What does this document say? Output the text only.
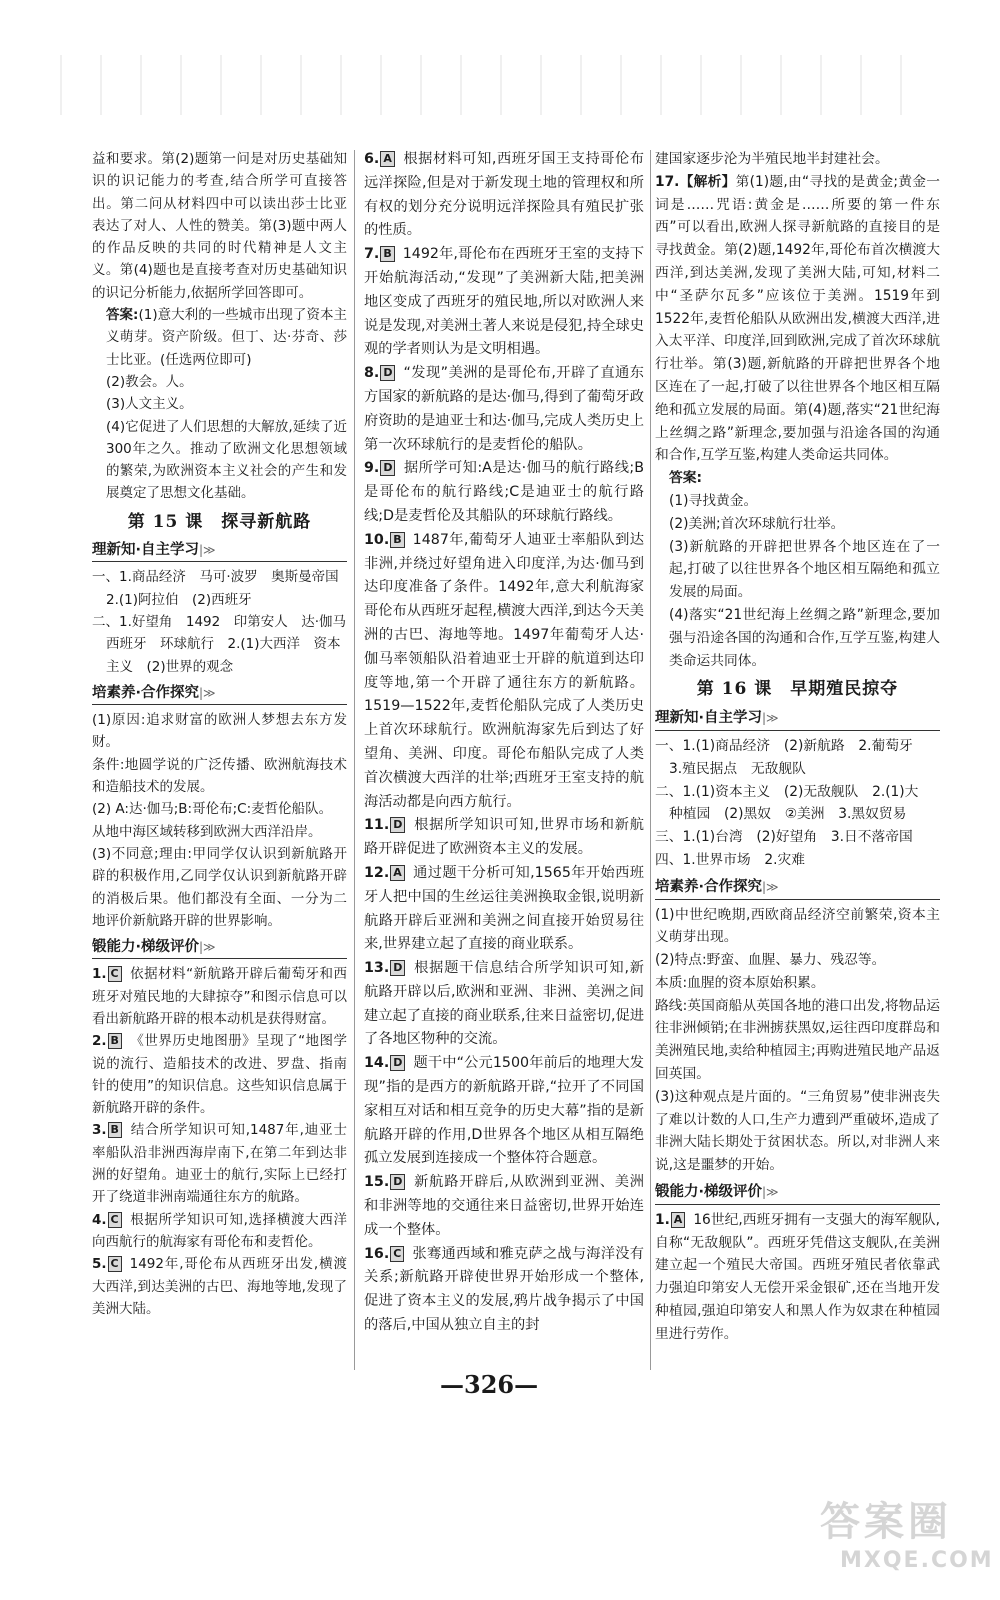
益和要求。第(2)题第一问是对历史基础知识的识记能力的考查,结合所学可直接答出。第二问从材料四中可以读出莎士比亚表达了对人、人性的赞美。第(3)题中两人的作品反映的共同的时代精神是人文主义。第(4)题也是直接考查对历史基础知识的识记分析能力,依据所学回答即可。

答案:(1)意大利的一些城市出现了资本主义萌芽。资产阶级。但丁、达·芬奇、莎士比亚。(任选两位即可)

(2)教会。人。

(3)人文主义。

(4)它促进了人们思想的大解放,延续了近300年之久。推动了欧洲文化思想领域的繁荣,为欧洲资本主义社会的产生和发展奠定了思想文化基础。

第 15 课　探寻新航路
理新知·自主学习|≫

一、1.商品经济　马可·波罗　奥斯曼帝国

2.(1)阿拉伯　(2)西班牙

二、1.好望角　1492　印第安人　达·伽马

西班牙　环球航行　2.(1)大西洋　资本

主义　(2)世界的观念

培素养·合作探究|≫

(1)原因:追求财富的欧洲人梦想去东方发财。

条件:地圆学说的广泛传播、欧洲航海技术和造船技术的发展。

(2) A:达·伽马;B:哥伦布;C:麦哲伦船队。

从地中海区域转移到欧洲大西洋沿岸。

(3)不同意;理由:甲同学仅认识到新航路开辟的积极作用,乙同学仅认识到新航路开辟的消极后果。他们都没有全面、一分为二地评价新航路开辟的世界影响。

锻能力·梯级评价|≫
1. C 依据材料“新航路开辟后葡萄牙和西班牙对殖民地的大肆掠夺”和图示信息可以看出新航路开辟的根本动机是获得财富。
2. B 《世界历史地图册》呈现了“地图学说的流行、造船技术的改进、罗盘、指南针的使用”的知识信息。这些知识信息属于新航路开辟的条件。
3. B 结合所学知识可知,1487年,迪亚士率船队沿非洲西海岸南下,在第二年到达非洲的好望角。迪亚士的航行,实际上已经打开了绕道非洲南端通往东方的航路。
4. C 根据所学知识可知,选择横渡大西洋向西航行的航海家有哥伦布和麦哲伦。
5. C 1492年,哥伦布从西班牙出发,横渡大西洋,到达美洲的古巴、海地等地,发现了美洲大陆。
6. A 根据材料可知,西班牙国王支持哥伦布远洋探险,但是对于新发现土地的管理权和所有权的划分充分说明远洋探险具有殖民扩张的性质。
7. B 1492年,哥伦布在西班牙王室的支持下开始航海活动,“发现”了美洲新大陆,把美洲地区变成了西班牙的殖民地,所以对欧洲人来说是发现,对美洲土著人来说是侵犯,持全球史观的学者则认为是文明相遇。
8. D “发现”美洲的是哥伦布,开辟了直通东方国家的新航路的是达·伽马,得到了葡萄牙政府资助的是迪亚士和达·伽马,完成人类历史上第一次环球航行的是麦哲伦的船队。
9. D 据所学可知:A是达·伽马的航行路线;B是哥伦布的航行路线;C是迪亚士的航行路线;D是麦哲伦及其船队的环球航行路线。
10. B 1487年,葡萄牙人迪亚士率船队到达非洲,并绕过好望角进入印度洋,为达·伽马到达印度准备了条件。1492年,意大利航海家哥伦布从西班牙起程,横渡大西洋,到达今天美洲的古巴、海地等地。1497年葡萄牙人达·伽马率领船队沿着迪亚士开辟的航道到达印度等地,第一个开辟了通往东方的新航路。1519—1522年,麦哲伦船队完成了人类历史上首次环球航行。欧洲航海家先后到达了好望角、美洲、印度。哥伦布船队完成了人类首次横渡大西洋的壮举;西班牙王室支持的航海活动都是向西方航行。
11. D 根据所学知识可知,世界市场和新航路开辟促进了欧洲资本主义的发展。
12. A 通过题干分析可知,1565年开始西班牙人把中国的生丝运往美洲换取金银,说明新航路开辟后亚洲和美洲之间直接开始贸易往来,世界建立起了直接的商业联系。
13. D 根据题干信息结合所学知识可知,新航路开辟以后,欧洲和亚洲、非洲、美洲之间建立起了直接的商业联系,往来日益密切,促进了各地区物种的交流。
14. D 题干中“公元1500年前后的地理大发现”指的是西方的新航路开辟,“拉开了不同国家相互对话和相互竞争的历史大幕”指的是新航路开辟的作用,D世界各个地区从相互隔绝孤立发展到连接成一个整体符合题意。
15. D 新航路开辟后,从欧洲到亚洲、美洲和非洲等地的交通往来日益密切,世界开始连成一个整体。
16. C 张骞通西域和雅克萨之战与海洋没有关系;新航路开辟使世界开始形成一个整体,促进了资本主义的发展,鸦片战争揭示了中国的落后,中国从独立自主的封

建国家逐步沦为半殖民地半封建社会。

17.【解析】第(1)题,由“寻找的是黄金;黄金一词是……咒语:黄金是……所要的第一件东西”可以看出,欧洲人探寻新航路的直接目的是寻找黄金。第(2)题,1492年,哥伦布首次横渡大西洋,到达美洲,发现了美洲大陆,可知,材料二中“圣萨尔瓦多”应该位于美洲。1519年到1522年,麦哲伦船队从欧洲出发,横渡大西洋,进入太平洋、印度洋,回到欧洲,完成了首次环球航行壮举。第(3)题,新航路的开辟把世界各个地区连在了一起,打破了以往世界各个地区相互隔绝和孤立发展的局面。第(4)题,落实“21世纪海上丝绸之路”新理念,要加强与沿途各国的沟通和合作,互学互鉴,构建人类命运共同体。

答案:

(1)寻找黄金。

(2)美洲;首次环球航行壮举。

(3)新航路的开辟把世界各个地区连在了一起,打破了以往世界各个地区相互隔绝和孤立发展的局面。

(4)落实“21世纪海上丝绸之路”新理念,要加强与沿途各国的沟通和合作,互学互鉴,构建人类命运共同体。

第 16 课　早期殖民掠夺
理新知·自主学习|≫

一、1.(1)商品经济　(2)新航路　2.葡萄牙

3.殖民据点　无敌舰队

二、1.(1)资本主义　(2)无敌舰队　2.(1)大

种植园　(2)黑奴　②美洲　3.黑奴贸易

三、1.(1)台湾　(2)好望角　3.日不落帝国

四、1.世界市场　2.灾难

培素养·合作探究|≫

(1)中世纪晚期,西欧商品经济空前繁荣,资本主义萌芽出现。

(2)特点:野蛮、血腥、暴力、残忍等。

本质:血腥的资本原始积累。

路线:英国商船从英国各地的港口出发,将物品运往非洲倾销;在非洲掳获黑奴,运往西印度群岛和美洲殖民地,卖给种植园主;再购进殖民地产品返回英国。

(3)这种观点是片面的。“三角贸易”使非洲丧失了难以计数的人口,生产力遭到严重破坏,造成了非洲大陆长期处于贫困状态。所以,对非洲人来说,这是噩梦的开始。

锻能力·梯级评价|≫
1. A 16世纪,西班牙拥有一支强大的海军舰队,自称“无敌舰队”。西班牙凭借这支舰队,在美洲建立起一个殖民大帝国。西班牙殖民者依靠武力强迫印第安人无偿开采金银矿,还在当地开发种植园,强迫印第安人和黑人作为奴隶在种植园里进行劳作。
—326—
答案圈
MXQE.COM
